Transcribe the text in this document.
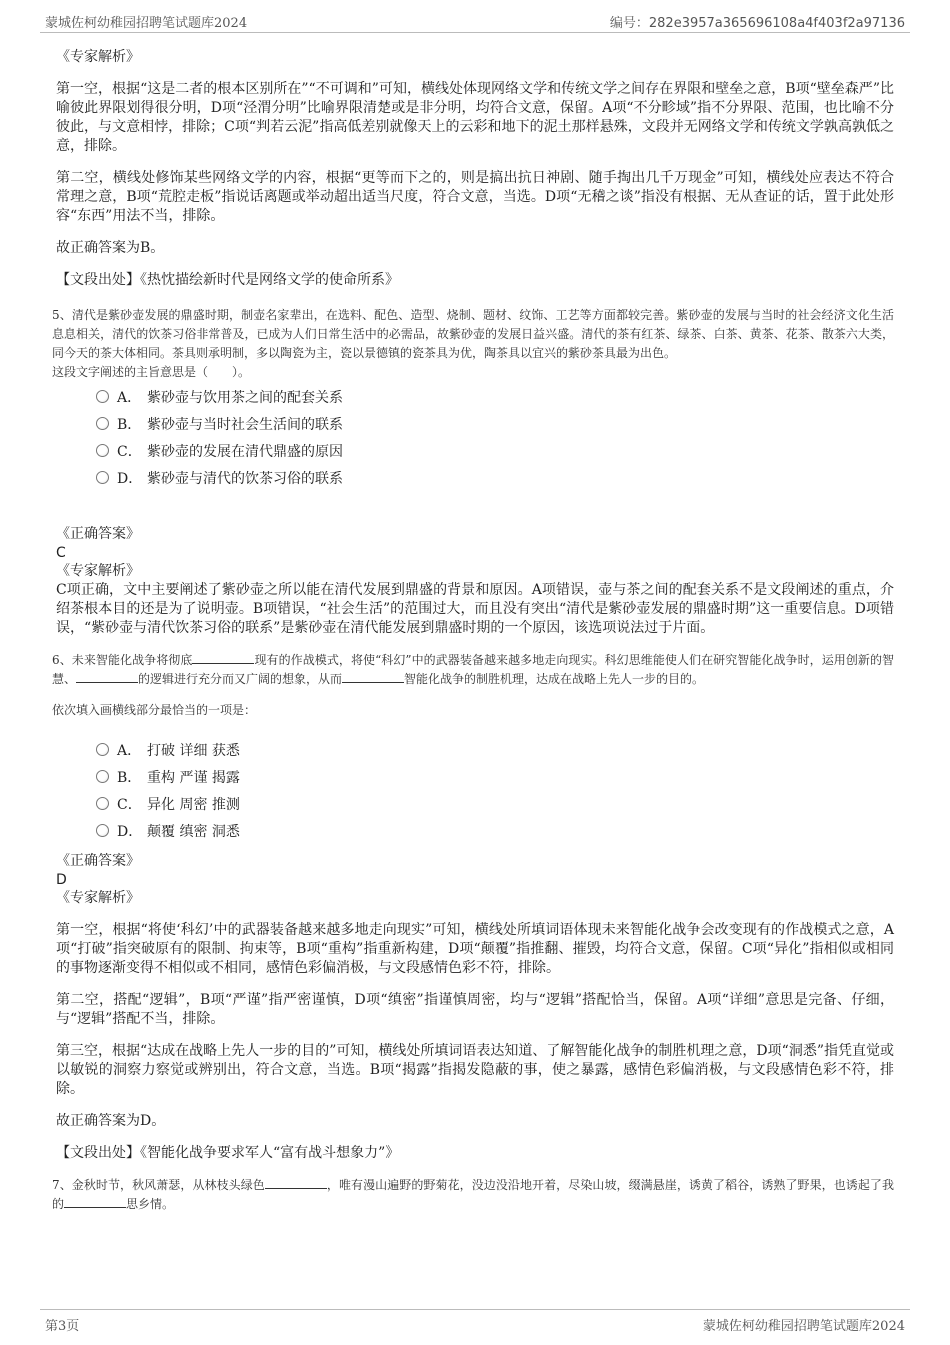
蒙城佐柯幼稚园招聘笔试题库2024	编号：282e3957a365696108a4f403f2a97136

《专家解析》

第一空，根据“这是二者的根本区别所在”“不可调和”可知，横线处体现网络文学和传统文学之间存在界限和壁垒之意，B项“壁垒森严”比喻彼此界限划得很分明，D项“泾渭分明”比喻界限清楚或是非分明，均符合文意，保留。A项“不分畛域”指不分界限、范围，也比喻不分彼此，与文意相悖，排除；C项“判若云泥”指高低差别就像天上的云彩和地下的泥土那样悬殊，文段并无网络文学和传统文学孰高孰低之意，排除。

第二空，横线处修饰某些网络文学的内容，根据“更等而下之的，则是搞出抗日神剧、随手掏出几千万现金”可知，横线处应表达不符合常理之意，B项“荒腔走板”指说话离题或举动超出适当尺度，符合文意，当选。D项“无稽之谈”指没有根据、无从查证的话，置于此处形容“东西”用法不当，排除。

故正确答案为B。

【文段出处】《热忱描绘新时代是网络文学的使命所系》

5、清代是紫砂壶发展的鼎盛时期，制壶名家辈出，在选料、配色、造型、烧制、题材、纹饰、工艺等方面都较完善。紫砂壶的发展与当时的社会经济文化生活息息相关，清代的饮茶习俗非常普及，已成为人们日常生活中的必需品，故紫砂壶的发展日益兴盛。清代的茶有红茶、绿茶、白茶、黄茶、花茶、散茶六大类，同今天的茶大体相同。茶具则承明制，多以陶瓷为主，瓷以景德镇的瓷茶具为优，陶茶具以宜兴的紫砂茶具最为出色。

这段文字阐述的主旨意思是（　　）。

A． 紫砂壶与饮用茶之间的配套关系
B． 紫砂壶与当时社会生活间的联系
C． 紫砂壶的发展在清代鼎盛的原因
D． 紫砂壶与清代的饮茶习俗的联系

《正确答案》

C

《专家解析》

C项正确，文中主要阐述了紫砂壶之所以能在清代发展到鼎盛的背景和原因。A项错误，壶与茶之间的配套关系不是文段阐述的重点，介绍茶根本目的还是为了说明壶。B项错误，“社会生活”的范围过大，而且没有突出“清代是紫砂壶发展的鼎盛时期”这一重要信息。D项错误，“紫砂壶与清代饮茶习俗的联系”是紫砂壶在清代能发展到鼎盛时期的一个原因，该选项说法过于片面。

6、未来智能化战争将彻底	现有的作战模式，将使“科幻”中的武器装备越来越多地走向现实。科幻思维能使人们在研究智能化战争时，运用创新的智慧、	的逻辑进行充分而又广阔的想象，从而	智能化战争的制胜机理，达成在战略上先人一步的目的。

依次填入画横线部分最恰当的一项是：

A． 打破 详细 获悉
B． 重构 严谨 揭露
C． 异化 周密 推测
D． 颠覆 缜密 洞悉

《正确答案》

D

《专家解析》

第一空，根据“将使‘科幻’中的武器装备越来越多地走向现实”可知，横线处所填词语体现未来智能化战争会改变现有的作战模式之意，A项“打破”指突破原有的限制、拘束等，B项“重构”指重新构建，D项“颠覆”指推翻、摧毁，均符合文意，保留。C项“异化”指相似或相同的事物逐渐变得不相似或不相同，感情色彩偏消极，与文段感情色彩不符，排除。

第二空，搭配“逻辑”，B项“严谨”指严密谨慎，D项“缜密”指谨慎周密，均与“逻辑”搭配恰当，保留。A项“详细”意思是完备、仔细，与“逻辑”搭配不当，排除。

第三空，根据“达成在战略上先人一步的目的”可知，横线处所填词语表达知道、了解智能化战争的制胜机理之意，D项“洞悉”指凭直觉或以敏锐的洞察力察觉或辨别出，符合文意，当选。B项“揭露”指揭发隐蔽的事，使之暴露，感情色彩偏消极，与文段感情色彩不符，排除。

故正确答案为D。

【文段出处】《智能化战争要求军人“富有战斗想象力”》

7、金秋时节，秋风萧瑟，从林枝头绿色	，唯有漫山遍野的野菊花，没边没沿地开着，尽染山坡，缀满悬崖，诱黄了稻谷，诱熟了野果，也诱起了我的	思乡情。

第3页	蒙城佐柯幼稚园招聘笔试题库2024
